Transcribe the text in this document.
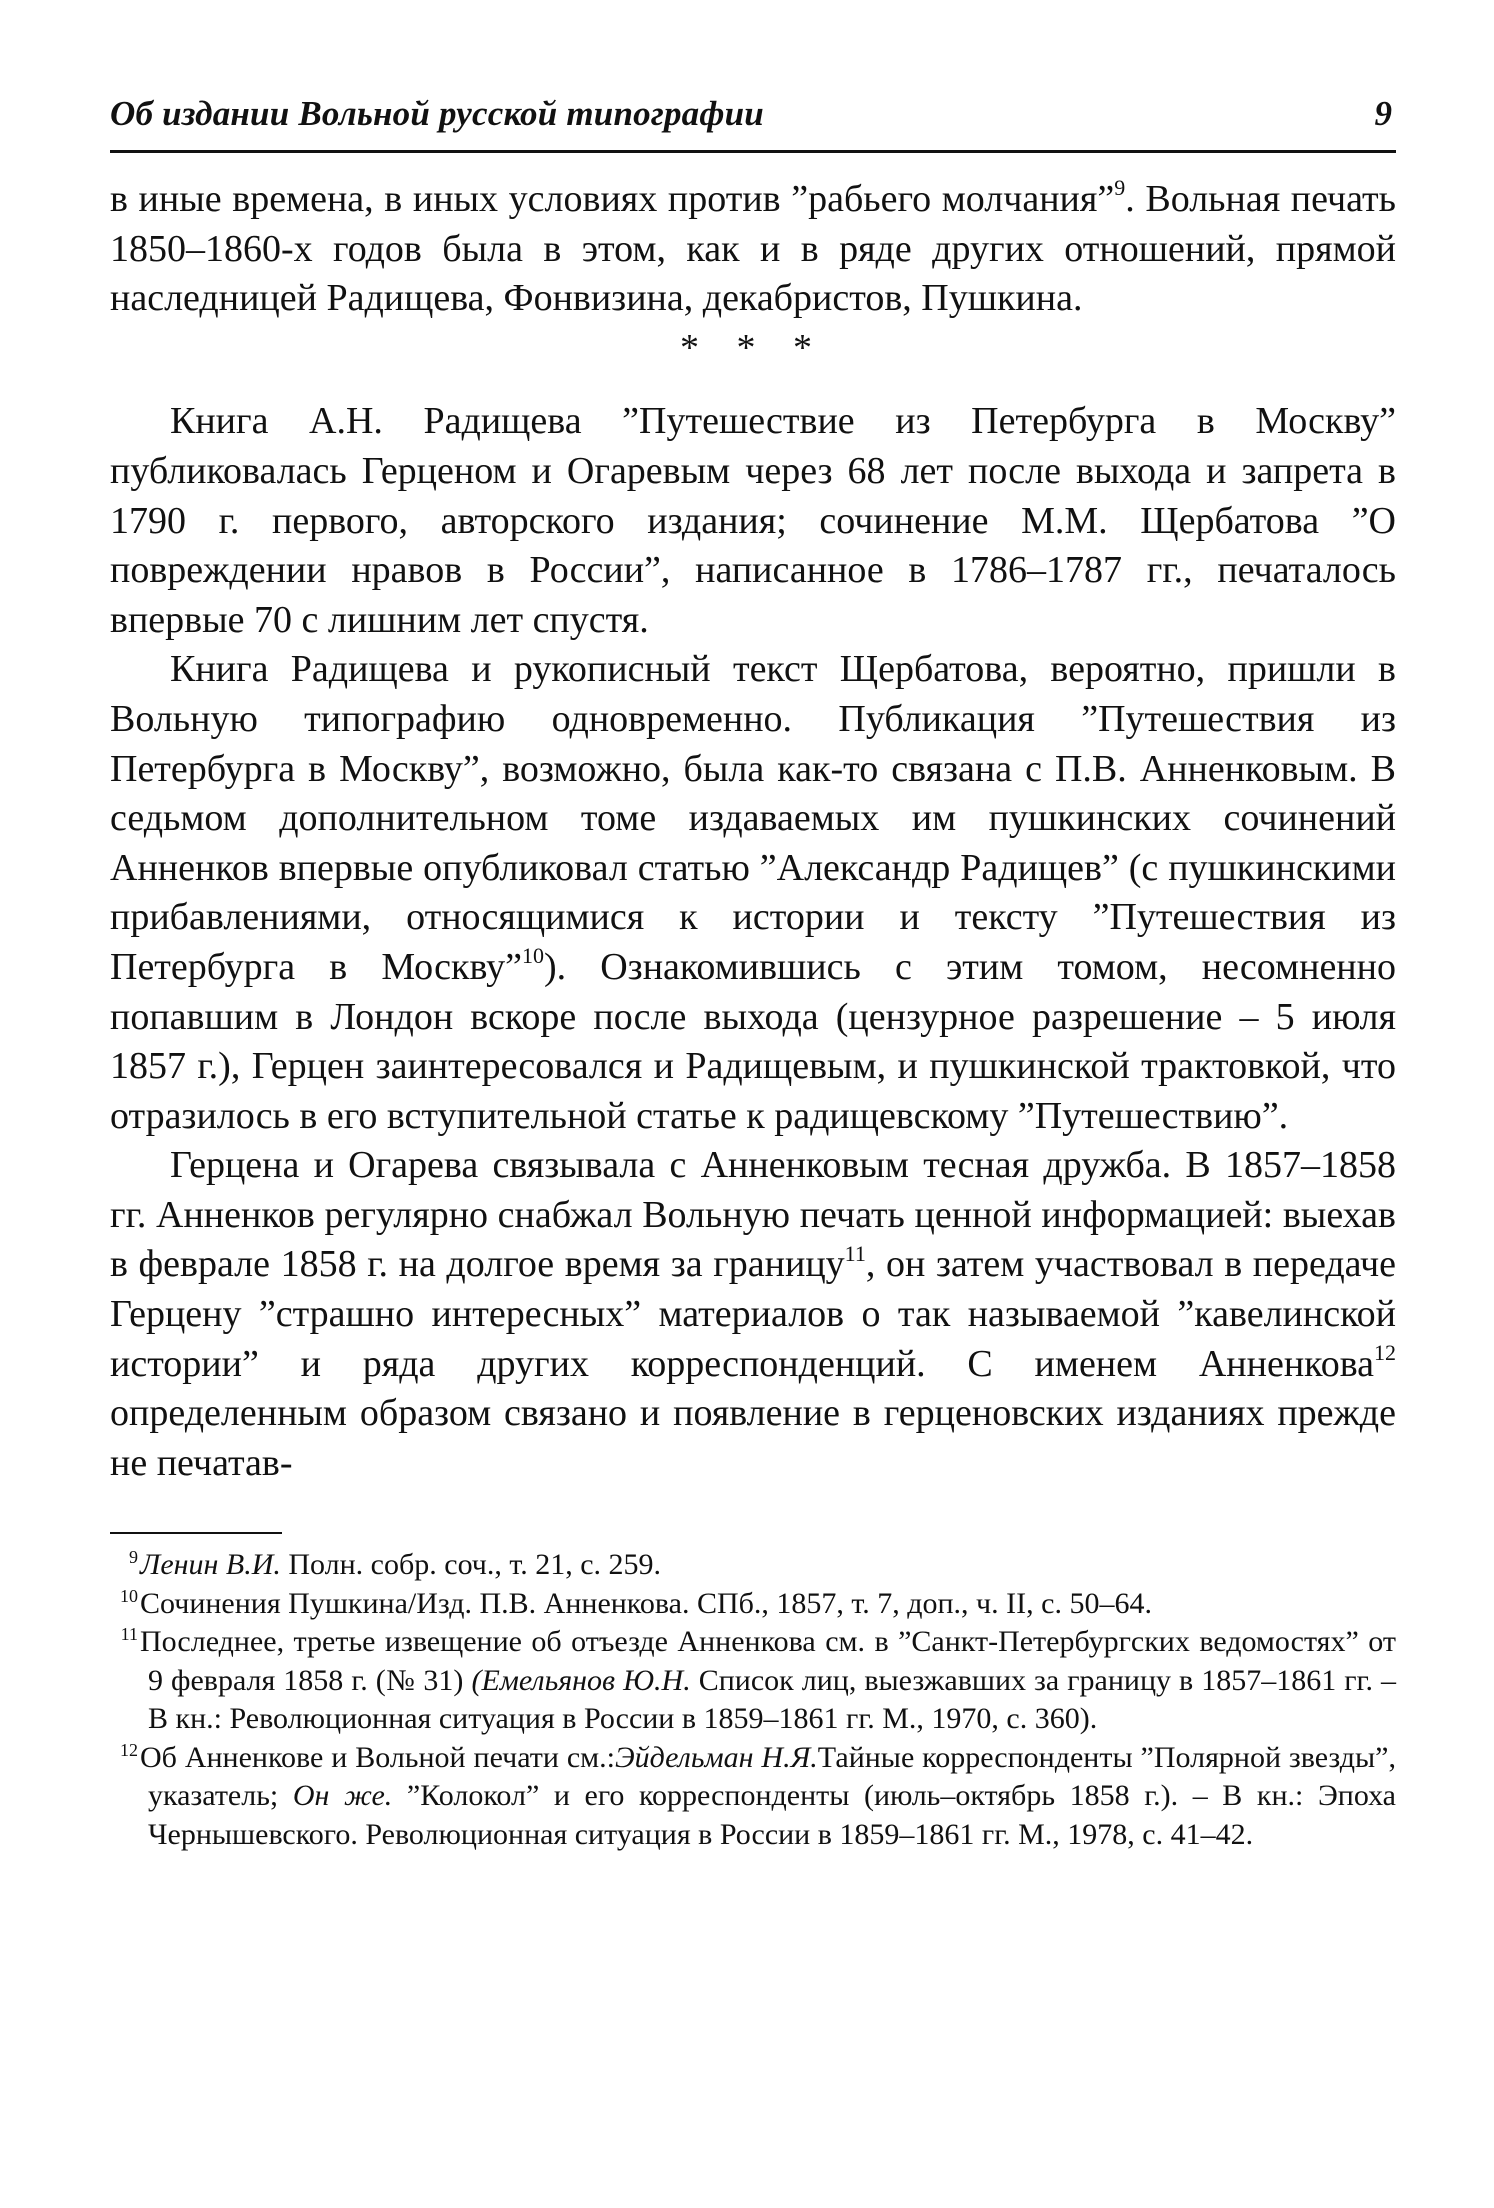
Об издании Вольной русской типографии	9

в иные времена, в иных условиях против ”рабьего молчания”$^9$. Вольная печать 1850–1860-х годов была в этом, как и в ряде других отношений, прямой наследницей Радищева, Фонвизина, декабристов, Пушкина.

* * *

Книга А.Н. Радищева ”Путешествие из Петербурга в Москву” публиковалась Герценом и Огаревым через 68 лет после выхода и запрета в 1790 г. первого, авторского издания; сочинение М.М. Щербатова ”О повреждении нравов в России”, написанное в 1786–1787 гг., печаталось впервые 70 с лишним лет спустя.

Книга Радищева и рукописный текст Щербатова, вероятно, пришли в Вольную типографию одновременно. Публикация ”Путешествия из Петербурга в Москву”, возможно, была как-то связана с П.В. Анненковым. В седьмом дополнительном томе издаваемых им пушкинских сочинений Анненков впервые опубликовал статью ”Александр Радищев” (с пушкинскими прибавлениями, относящимися к истории и тексту ”Путешествия из Петербурга в Москву”$^{10}$). Ознакомившись с этим томом, несомненно попавшим в Лондон вскоре после выхода (цензурное разрешение – 5 июля 1857 г.), Герцен заинтересовался и Радищевым, и пушкинской трактовкой, что отразилось в его вступительной статье к радищевскому ”Путешествию”.

Герцена и Огарева связывала с Анненковым тесная дружба. В 1857–1858 гг. Анненков регулярно снабжал Вольную печать ценной информацией: выехав в феврале 1858 г. на долгое время за границу$^{11}$, он затем участвовал в передаче Герцену ”страшно интересных” материалов о так называемой ”кавелинской истории” и ряда других корреспонденций. С именем Анненкова$^{12}$ определенным образом связано и появление в герценовских изданиях прежде не печатав-

9Ленин В.И. Полн. собр. соч., т. 21, с. 259.

10Сочинения Пушкина/Изд. П.В. Анненкова. СПб., 1857, т. 7, доп., ч. II, с. 50–64.

11Последнее, третье извещение об отъезде Анненкова см. в ”Санкт-Петербургских ведомостях” от 9 февраля 1858 г. (№ 31) (Емельянов Ю.Н. Список лиц, выезжавших за границу в 1857–1861 гг. – В кн.: Революционная ситуация в России в 1859–1861 гг. М., 1970, с. 360).

12Об Анненкове и Вольной печати см.:Эйдельман Н.Я.Тайные корреспонденты ”Полярной звезды”, указатель; Он же. ”Колокол” и его корреспонденты (июль–октябрь 1858 г.). – В кн.: Эпоха Чернышевского. Революционная ситуация в России в 1859–1861 гг. М., 1978, с. 41–42.
